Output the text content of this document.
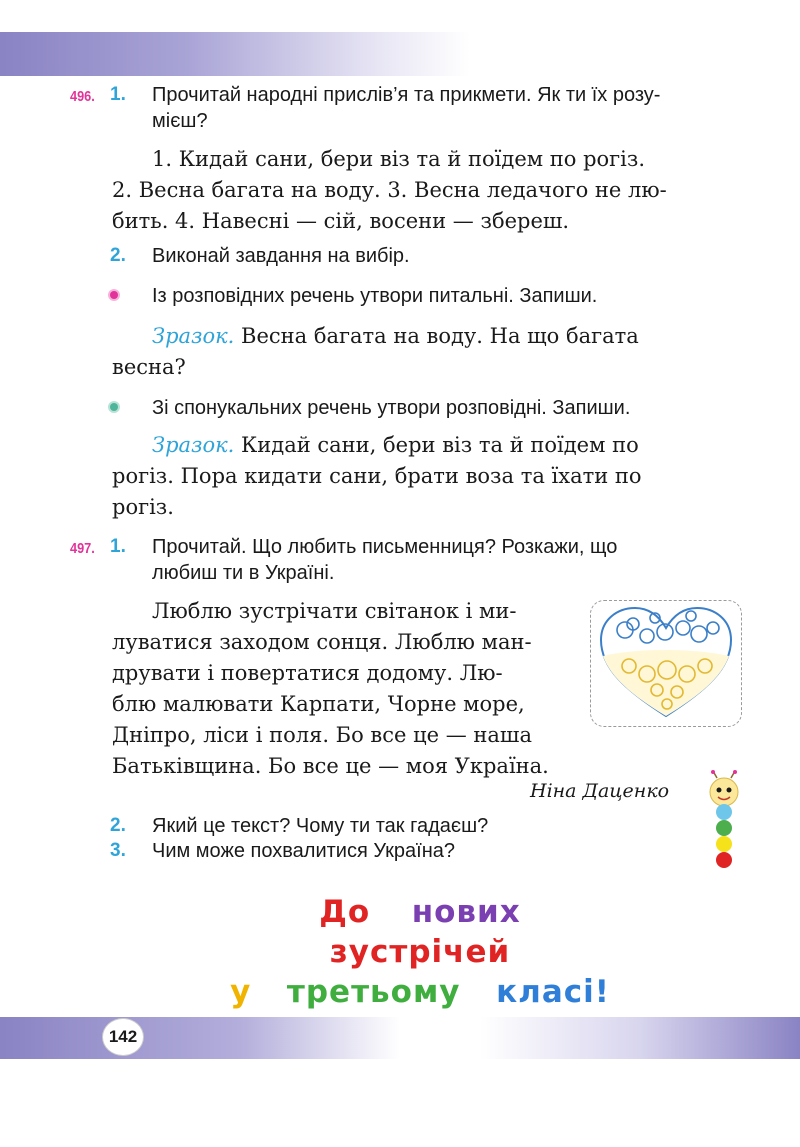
496. 1. Прочитай народні прислів’я та прикмети. Як ти їх розу-
мієш?
1. Кидай сани, бери віз та й поїдем по рогіз.
2. Весна багата на воду. 3. Весна ледачого не лю-
бить. 4. Навесні — сій, восени — збереш.
2. Виконай завдання на вибір.
Із розповідних речень утвори питальні. Запиши.
Зразок. Весна багата на воду. На що багата
весна?
Зі спонукальних речень утвори розповідні. Запиши.
Зразок. Кидай сани, бери віз та й поїдем по
рогіз. Пора кидати сани, брати воза та їхати по
рогіз.
497. 1. Прочитай. Що любить письменниця? Розкажи, що
любиш ти в Україні.
Люблю зустрічати світанок і ми-
луватися заходом сонця. Люблю ман-
друвати і повертатися додому. Лю-
блю малювати Карпати, Чорне море,
Дніпро, ліси і поля. Бо все це — наша
Батьківщина. Бо все це — моя Україна.
Ніна Даценко
2. Який це текст? Чому ти так гадаєш?
3. Чим може похвалитися Україна?
До нових
зустрічей
у третьому класі!
142
